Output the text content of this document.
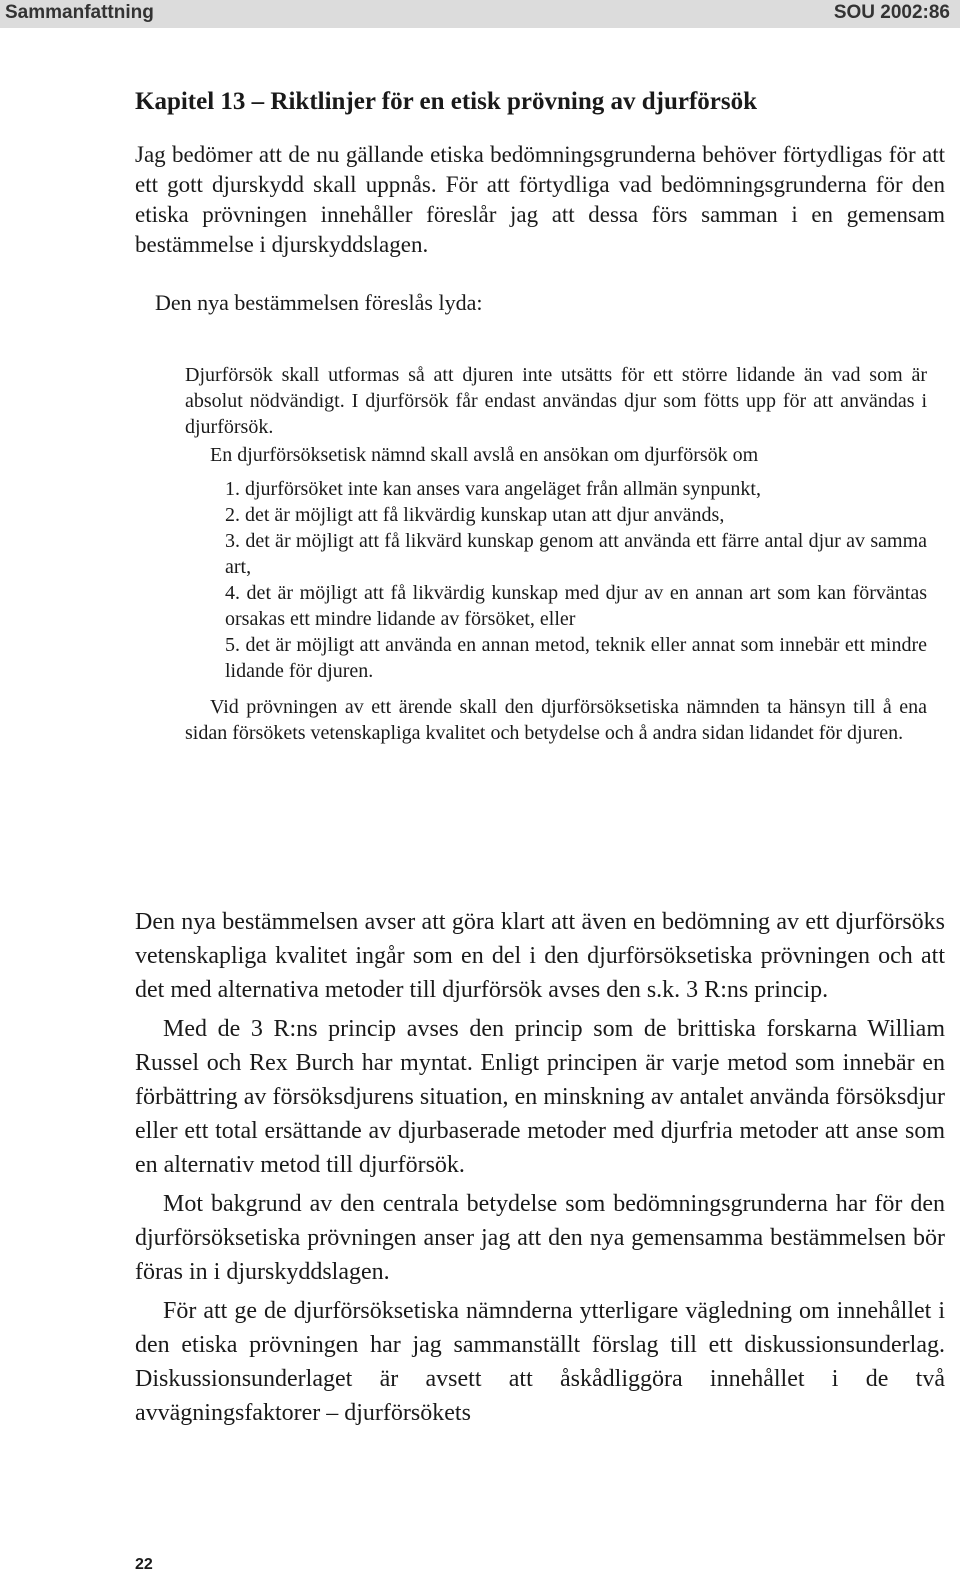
Sammanfattning	SOU 2002:86
Kapitel 13 – Riktlinjer för en etisk prövning av djurförsök

Jag bedömer att de nu gällande etiska bedömningsgrunderna behöver förtydligas för att ett gott djurskydd skall uppnås. För att förtydliga vad bedömningsgrunderna för den etiska prövningen innehåller föreslår jag att dessa förs samman i en gemensam bestämmelse i djurskyddslagen.

Den nya bestämmelsen föreslås lyda:

Djurförsök skall utformas så att djuren inte utsätts för ett större lidande än vad som är absolut nödvändigt. I djurförsök får endast användas djur som fötts upp för att användas i djurförsök.

En djurförsöksetisk nämnd skall avslå en ansökan om djurförsök om

1. djurförsöket inte kan anses vara angeläget från allmän synpunkt,
2. det är möjligt att få likvärdig kunskap utan att djur används,
3. det är möjligt att få likvärd kunskap genom att använda ett färre antal djur av samma art,
4. det är möjligt att få likvärdig kunskap med djur av en annan art som kan förväntas orsakas ett mindre lidande av försöket, eller
5. det är möjligt att använda en annan metod, teknik eller annat som innebär ett mindre lidande för djuren.

Vid prövningen av ett ärende skall den djurförsöksetiska nämnden ta hänsyn till å ena sidan försökets vetenskapliga kvalitet och betydelse och å andra sidan lidandet för djuren.

Den nya bestämmelsen avser att göra klart att även en bedömning av ett djurförsöks vetenskapliga kvalitet ingår som en del i den djurförsöksetiska prövningen och att det med alternativa metoder till djurförsök avses den s.k. 3 R:ns princip.

Med de 3 R:ns princip avses den princip som de brittiska forskarna William Russel och Rex Burch har myntat. Enligt principen är varje metod som innebär en förbättring av försöksdjurens situation, en minskning av antalet använda försöksdjur eller ett total ersättande av djurbaserade metoder med djurfria metoder att anse som en alternativ metod till djurförsök.

Mot bakgrund av den centrala betydelse som bedömningsgrunderna har för den djurförsöksetiska prövningen anser jag att den nya gemensamma bestämmelsen bör föras in i djurskyddslagen.

För att ge de djurförsöksetiska nämnderna ytterligare vägledning om innehållet i den etiska prövningen har jag sammanställt förslag till ett diskussionsunderlag. Diskussionsunderlaget är avsett att åskådliggöra innehållet i de två avvägningsfaktorer – djurförsökets

22
